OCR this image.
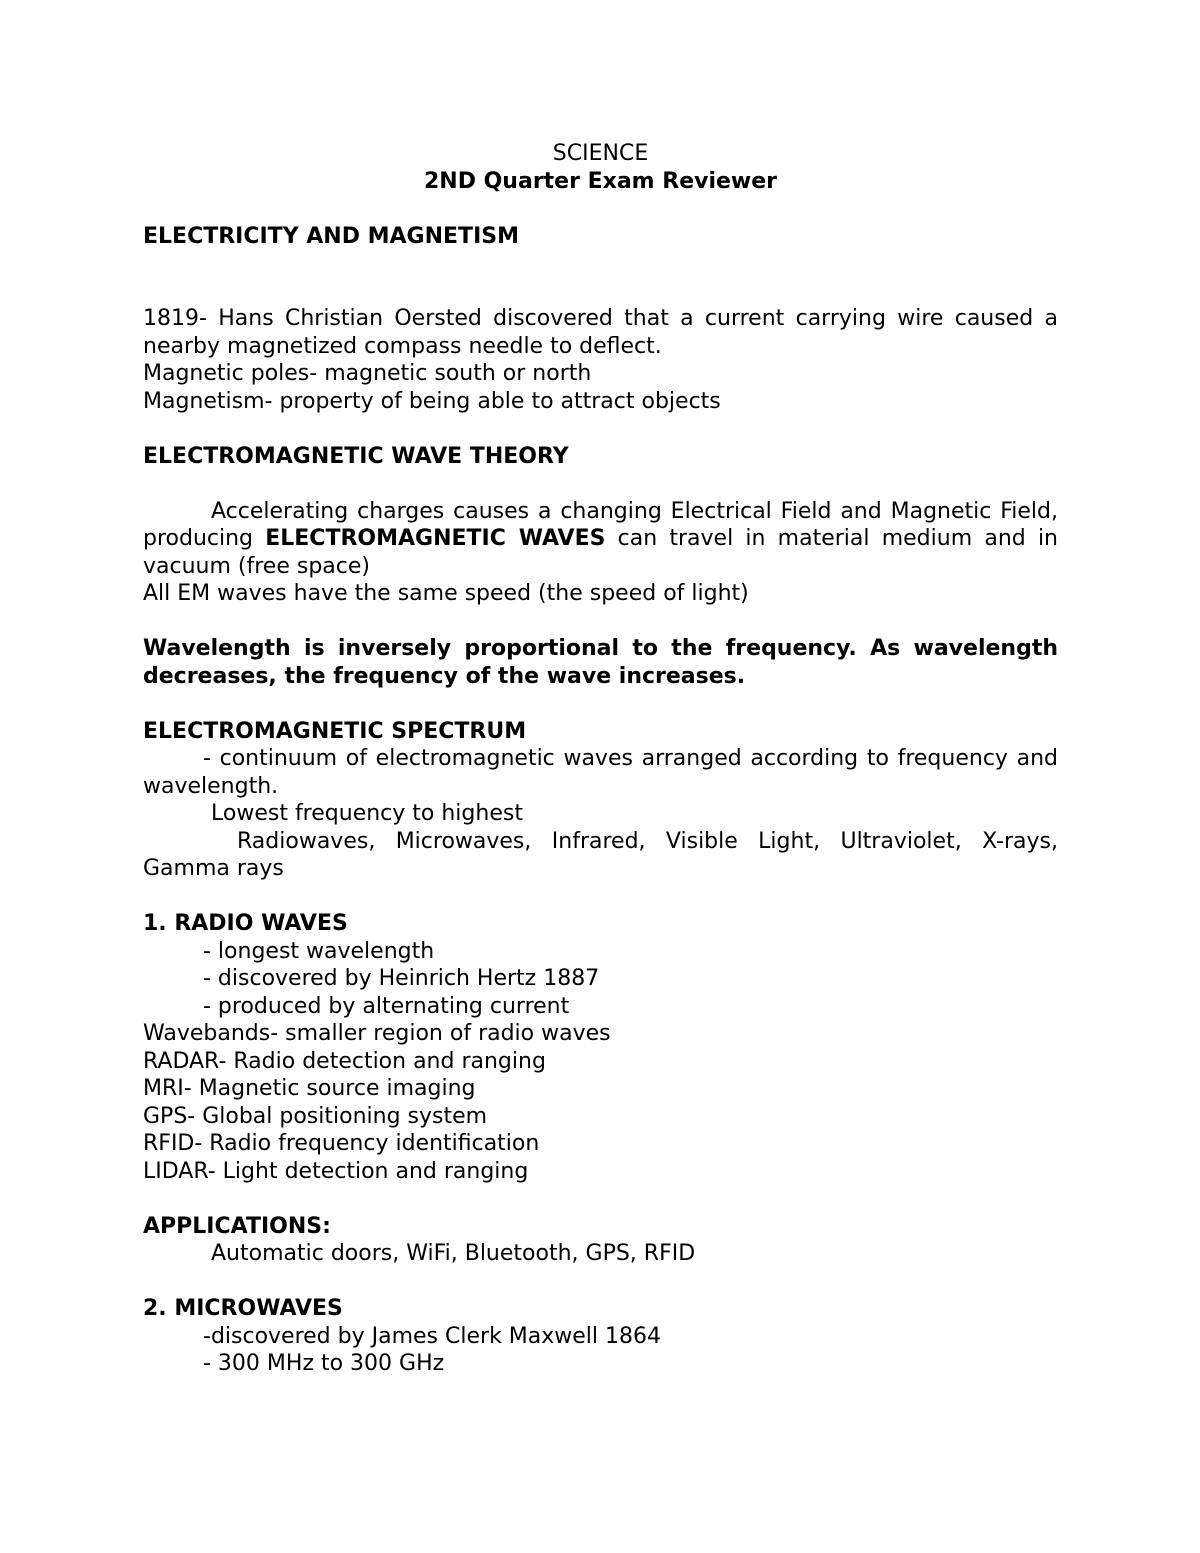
SCIENCE
2ND Quarter Exam Reviewer
ELECTRICITY AND MAGNETISM

1819- Hans Christian Oersted discovered that a current carrying wire caused a nearby magnetized compass needle to deflect.

Magnetic poles- magnetic south or north
Magnetism- property of being able to attract objects
ELECTROMAGNETIC WAVE THEORY

Accelerating charges causes a changing Electrical Field and Magnetic Field, producing ELECTROMAGNETIC WAVES can travel in material medium and in vacuum (free space)

All EM waves have the same speed (the speed of light)

Wavelength is inversely proportional to the frequency. As wavelength decreases, the frequency of the wave increases.

ELECTROMAGNETIC SPECTRUM

- continuum of electromagnetic waves arranged according to frequency and wavelength.

Lowest frequency to highest

Radiowaves, Microwaves, Infrared, Visible Light, Ultraviolet, X-rays, Gamma rays

1. RADIO WAVES
- longest wavelength
- discovered by Heinrich Hertz 1887
- produced by alternating current
Wavebands- smaller region of radio waves
RADAR- Radio detection and ranging
MRI- Magnetic source imaging
GPS- Global positioning system
RFID- Radio frequency identification
LIDAR- Light detection and ranging
APPLICATIONS:
Automatic doors, WiFi, Bluetooth, GPS, RFID
2. MICROWAVES
-discovered by James Clerk Maxwell 1864
- 300 MHz to 300 GHz
